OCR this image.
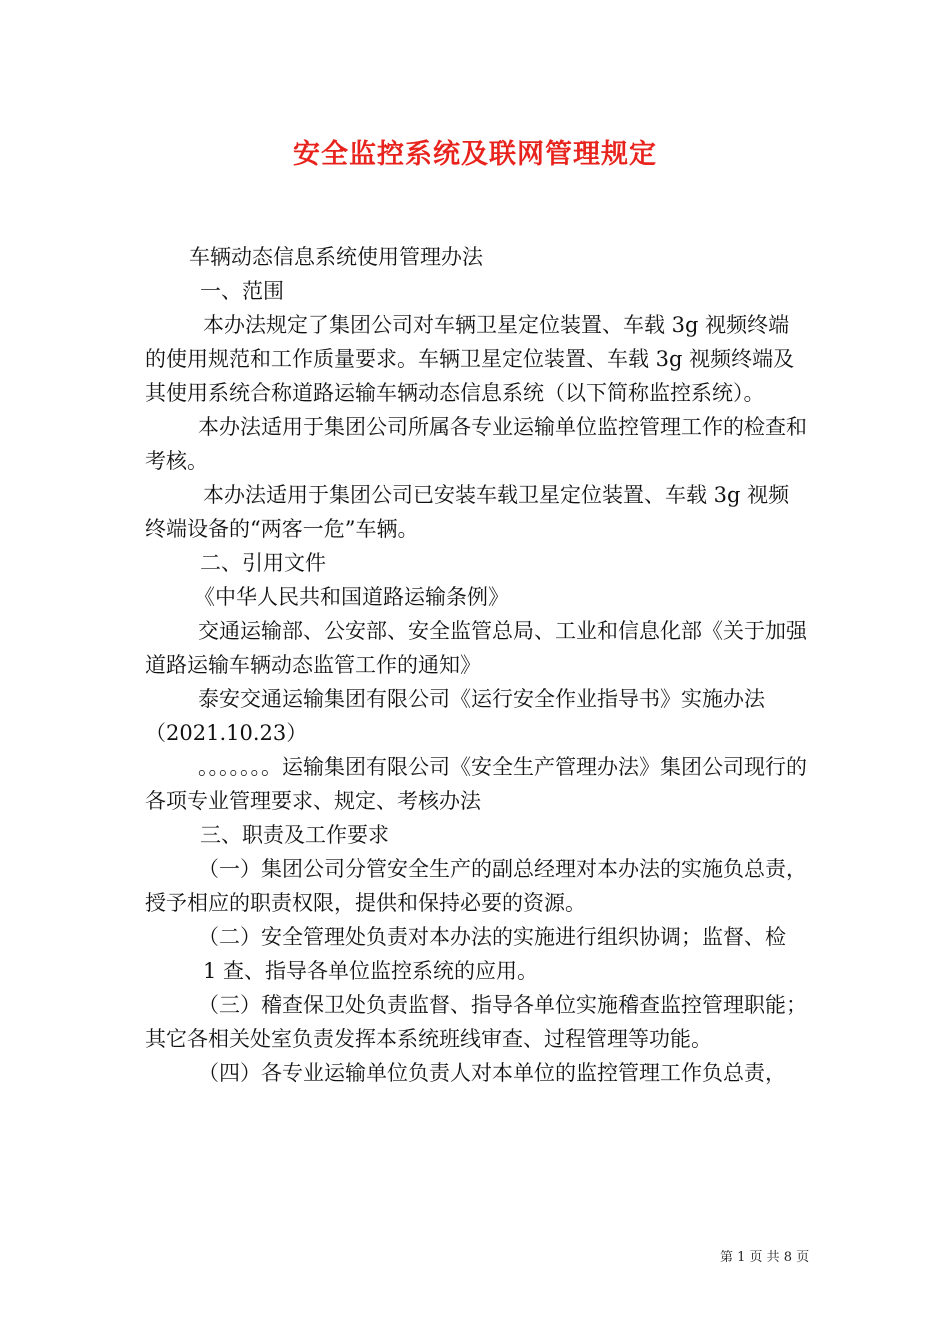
安全监控系统及联网管理规定

车辆动态信息系统使用管理办法

一、范围

本办法规定了集团公司对车辆卫星定位装置、车载 3g 视频终端的使用规范和工作质量要求。车辆卫星定位装置、车载 3g 视频终端及其使用系统合称道路运输车辆动态信息系统（以下简称监控系统）。

本办法适用于集团公司所属各专业运输单位监控管理工作的检查和考核。

本办法适用于集团公司已安装车载卫星定位装置、车载 3g 视频终端设备的“两客一危”车辆。

二、引用文件

《中华人民共和国道路运输条例》

交通运输部、公安部、安全监管总局、工业和信息化部《关于加强道路运输车辆动态监管工作的通知》

泰安交通运输集团有限公司《运行安全作业指导书》实施办法（2021.10.23）

。。。。。。。运输集团有限公司《安全生产管理办法》集团公司现行的各项专业管理要求、规定、考核办法

三、职责及工作要求

（一）集团公司分管安全生产的副总经理对本办法的实施负总责，授予相应的职责权限，提供和保持必要的资源。

（二）安全管理处负责对本办法的实施进行组织协调；监督、检

1 查、指导各单位监控系统的应用。

（三）稽查保卫处负责监督、指导各单位实施稽查监控管理职能；其它各相关处室负责发挥本系统班线审查、过程管理等功能。

（四）各专业运输单位负责人对本单位的监控管理工作负总责，

第 1 页 共 8 页
